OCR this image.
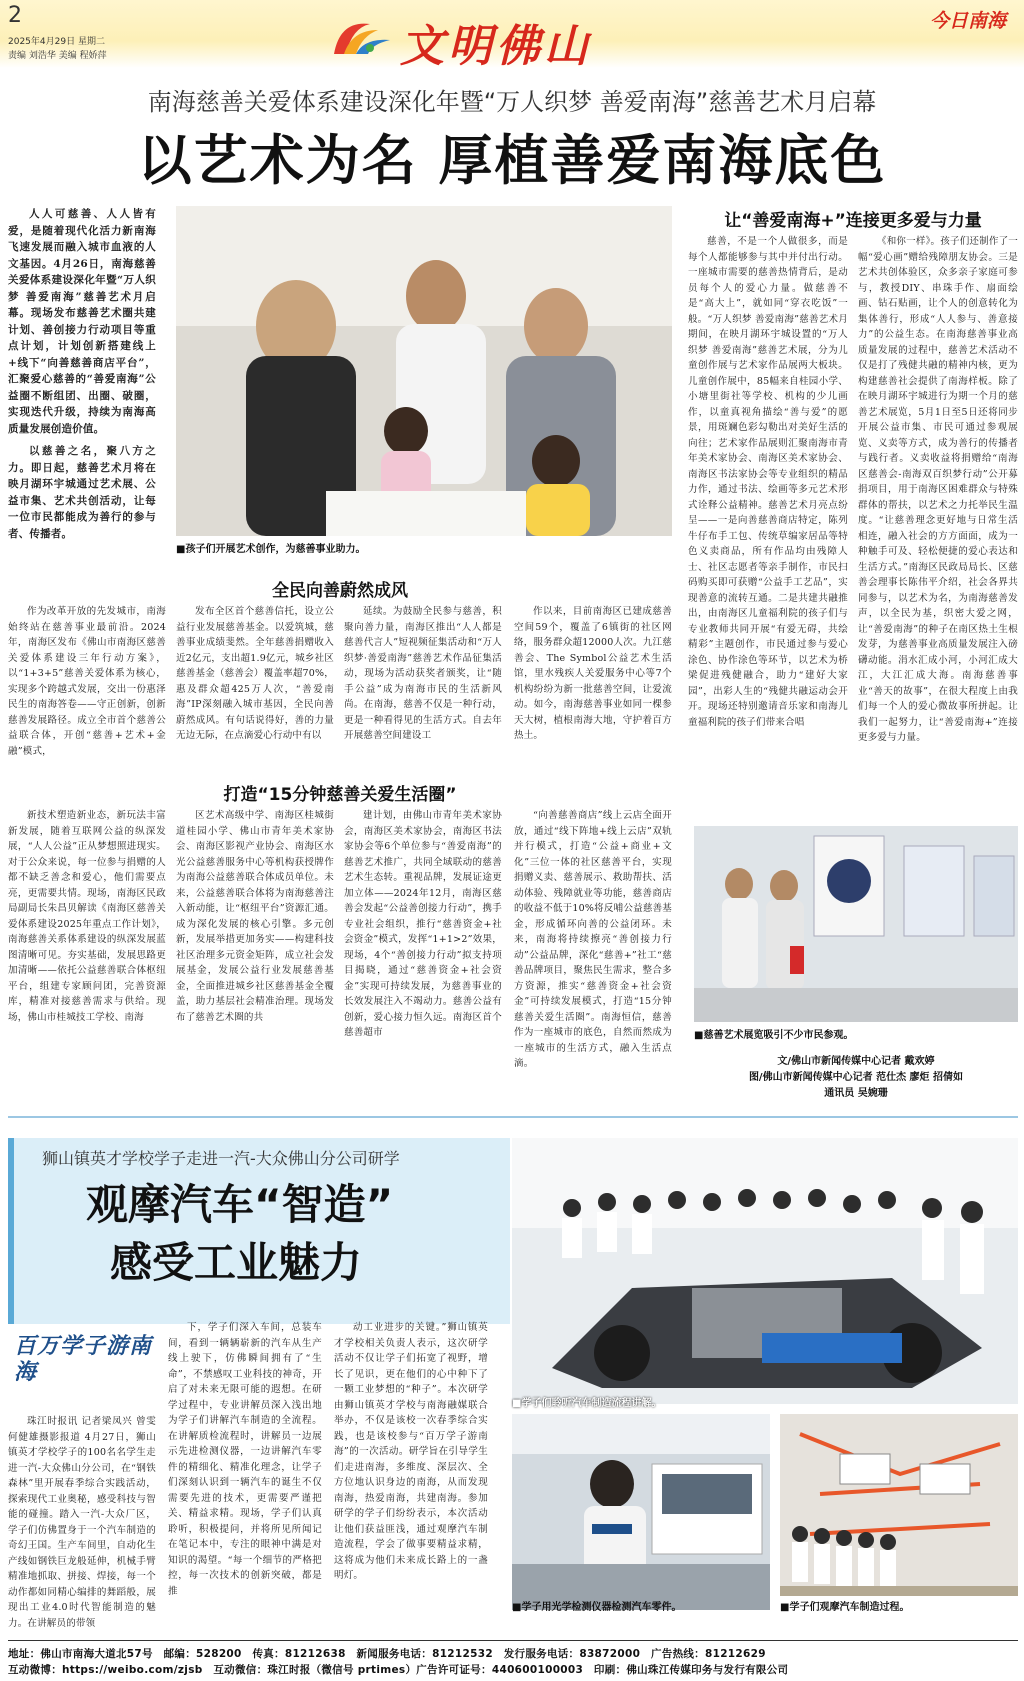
2
2025年4月29日 星期二
责编 刘浩华 美编 程娇萍	文明佛山	今日南海
南海慈善关爱体系建设深化年暨“万人织梦 善爱南海”慈善艺术月启幕
以艺术为名 厚植善爱南海底色

人人可慈善、人人皆有爱，是随着现代化活力新南海飞速发展而融入城市血液的人文基因。4月26日，南海慈善关爱体系建设深化年暨“万人织梦 善爱南海”慈善艺术月启幕。现场发布慈善艺术圈共建计划、善创接力行动项目等重点计划，计划创新搭建线上+线下“向善慈善商店平台”，汇聚爱心慈善的“善爱南海”公益圈不断组团、出圈、破圈，实现迭代升级，持续为南海高质量发展创造价值。

以慈善之名，聚八方之力。即日起，慈善艺术月将在映月湖环宇城通过艺术展、公益市集、艺术共创活动，让每一位市民都能成为善行的参与者、传播者。

■孩子们开展艺术创作，为慈善事业助力。
让“善爱南海+”连接更多爱与力量
慈善，不是一个人做很多，而是每个人都能够参与其中并付出行动。一座城市需要的慈善热情背后，是动员每个人的爱心力量。做慈善不是“高大上”，就如同“穿衣吃饭”一般。“万人织梦 善爱南海”慈善艺术月期间，在映月湖环宇城设置的“万人织梦 善爱南海”慈善艺术展，分为儿童创作展与艺术家作品展两大板块。儿童创作展中，85幅来自桂园小学、小塘里街社等学校、机构的少儿画作，以童真视角描绘“善与爱”的愿景，用斑斓色彩勾勒出对美好生活的向往；艺术家作品展则汇聚南海市青年美术家协会、南海区美术家协会、南海区书法家协会等专业组织的精品力作，通过书法、绘画等多元艺术形式诠释公益精神。慈善艺术月亮点纷呈——一是向善慈善商店特定，陈列牛仔布手工包、传统草编家居品等特色义卖商品，所有作品均由残障人士、社区志愿者等亲手制作，市民扫码购买即可获赠“公益手工艺品”，实现善意的流转互通。二是共建共融推出，由南海区儿童福利院的孩子们与专业教师共同开展“有爱无碍，共绘精彩”主题创作，市民通过参与爱心涂色、协作涂色等环节，以艺术为桥梁促进残健融合，助力“建好大家园”，出彩人生的“残健共融运动会开开。现场还特别邀请音乐家和南海儿童福利院的孩子们带来合唱
《和你一样》。孩子们还制作了一幅“爱心画”赠给残障朋友协会。三是艺术共创体验区，众多亲子家庭可参与，教授DIY、串珠手作、扇面绘画、钻石贴画，让个人的创意转化为集体善行，形成“人人参与、善意接力”的公益生态。在南海慈善事业高质量发展的过程中，慈善艺术活动不仅是打了残健共融的精神内核，更为构建慈善社会提供了南海样板。除了在映月湖环宇城进行为期一个月的慈善艺术展览，5月1日至5日还将同步开展公益市集、市民可通过参观展览、义卖等方式，成为善行的传播者与践行者。义卖收益将捐赠给“南海区慈善会-南海双百织梦行动”公开募捐项目，用于南海区困难群众与特殊群体的帮扶，以艺术之力托举民生温度。“让慈善理念更好地与日常生活相连，融入社会的方方面面，成为一种触手可及、轻松便捷的爱心表达和生活方式。”南海区民政局局长、区慈善会理事长陈伟平介绍，社会各界共同参与，以艺术为名，为南海慈善发声，以全民为基，织密大爱之网，让“善爱南海”的种子在南区热土生根发芽，为慈善事业高质量发展注入磅礴动能。涓水汇成小河，小河汇成大江，大江汇成大海。南海慈善事业“善天的故事”，在很大程度上由我们每一个人的爱心微故事所拼起。让我们一起努力，让“善爱南海+”连接更多爱与力量。
全民向善蔚然成风
作为改革开放的先发城市，南海始终站在慈善事业最前沿。2024年，南海区发布《佛山市南海区慈善关爱体系建设三年行动方案》，以“1+3+5”慈善关爱体系为核心，实现多个跨越式发展，交出一份惠泽民生的南海答卷——守正创新，创新慈善发展路径。成立全市首个慈善公益联合体，开创“慈善+艺术+金融”模式，
发布全区首个慈善信托，设立公益行业发展慈善基金。以爱筑城，慈善事业成绩斐然。全年慈善捐赠收入近2亿元，支出超1.9亿元，城乡社区慈善基金（慈善会）覆盖率超70%，惠及群众超425万人次，“善爱南海”IP深刻融入城市基因，全民向善蔚然成风。有句话说得好，善的力量无边无际，在点滴爱心行动中有以
延续。为鼓励全民参与慈善，积聚向善力量，南海区推出“人人都是慈善代言人”短视频征集活动和“万人织梦·善爱南海”慈善艺术作品征集活动，现场为活动获奖者颁奖，让“随手公益”成为南海市民的生活新风尚。在南海，慈善不仅是一种行动，更是一种看得见的生活方式。自去年开展慈善空间建设工
作以来，目前南海区已建成慈善空间59个，覆盖了6镇街的社区网络，服务群众超12000人次。九江慈善会、The Symbol公益艺术生活馆，里水残疾人关爱服务中心等7个机构纷纷为新一批慈善空间，让爱流动。如今，南海慈善事业如同一棵参天大树，植根南海大地，守护着百方热土。
打造“15分钟慈善关爱生活圈”
新技术塑造新业态，新玩法丰富新发展，随着互联网公益的纵深发展，“人人公益”正从梦想照进现实。对于公众来说，每一位参与捐赠的人都不缺乏善念和爱心，他们需要点亮，更需要共情。现场，南海区民政局副局长朱昌贝解读《南海区慈善关爱体系建设2025年重点工作计划》，南海慈善关系体系建设的纵深发展蓝图清晰可见。夯实基础，发展思路更加清晰——依托公益慈善联合体枢纽平台，组建专家顾问团，完善资源库，精准对接慈善需求与供给。现场，佛山市桂城技工学校、南海
区艺术高级中学、南海区桂城街道桂园小学、佛山市青年美术家协会、南海区影视产业协会、南海区水光公益慈善服务中心等机构获授牌作为南海公益慈善联合体成员单位。未来，公益慈善联合体将为南海慈善注入新动能，让“枢纽平台”资源汇通。成为深化发展的核心引擎。多元创新，发展举措更加务实——构建科技社区治理多元资金矩阵，成立社会发展基金，发展公益行业发展慈善基金，全面推进城乡社区慈善基金全覆盖，助力基层社会精准治理。现场发布了慈善艺术圈的共
建计划，由佛山市青年美术家协会，南海区美术家协会，南海区书法家协会等6个单位参与“善爱南海”的慈善艺术推广，共同全域联动的慈善艺术生态转。重视品牌，发展证途更加立体——2024年12月，南海区慈善会发起“公益善创接力行动”，携手专业社会组织，推行“慈善资金+社会资金”模式，发挥“1+1>2”效果，现场，4个“善创接力行动”拟支持项目揭晓，通过“慈善资金+社会资金”实现可持续发展，为慈善事业的长效发展注入不竭动力。慈善公益有创新，爱心接力恒久远。南海区首个慈善超市
“向善慈善商店”线上云店全面开放，通过“线下阵地+线上云店”双轨并行模式，打造“公益+商业+文化”三位一体的社区慈善平台，实现捐赠义卖、慈善展示、救助帮扶、活动体验、残障就业等功能，慈善商店的收益不低于10%将反哺公益慈善基金，形成循环向善的公益闭环。未来，南海将持续擦亮“善创接力行动”公益品牌，深化“慈善+”社工“慈善品牌项目，聚焦民生需求，整合多方资源，推实“慈善资金+社会资金”可持续发展模式，打造“15分钟慈善关爱生活圈”。南海恒信，慈善作为一座城市的底色，自然而然成为一座城市的生活方式，融入生活点滴。
■慈善艺术展览吸引不少市民参观。
文/佛山市新闻传媒中心记者 戴欢婷
图/佛山市新闻传媒中心记者 范仕杰 廖炬 招倩如
通讯员 吴婉珊
狮山镇英才学校学子走进一汽-大众佛山分公司研学
观摩汽车“智造”
感受工业魅力
■学子们聆听汽车制造流程讲解。
百万学子游南海
珠江时报讯 记者梁凤兴 曾雯 何健雄摄影报道 4月27日，狮山镇英才学校学子的100名名学生走进一汽-大众佛山分公司，在“钢铁森林”里开展春季综合实践活动，探索现代工业奥秘，感受科技与智能的碰撞。踏入一汽-大众厂区，学子们仿佛置身于一个汽车制造的奇幻王国。生产车间里，自动化生产线如钢铁巨龙般延伸，机械手臂精准地抓取、拼接、焊接，每一个动作都如同精心编排的舞蹈般，展现出工业4.0时代智能制造的魅力。在讲解员的带领
下，学子们深入车间，总装车间，看到一辆辆崭新的汽车从生产线上驶下，仿佛瞬间拥有了“生命”，不禁感叹工业科技的神奇，开启了对未来无限可能的遐想。在研学过程中，专业讲解员深入浅出地为学子们讲解汽车制造的全流程。在讲解质检流程时，讲解员一边展示先进检测仪器，一边讲解汽车零件的精细化、精准化理念，让学子们深刻认识到一辆汽车的诞生不仅需要先进的技术，更需要严谨把关、精益求精。现场，学子们认真聆听，积极提问，并将所见所闻记在笔记本中，专注的眼神中满是对知识的渴望。“每一个细节的严格把控，每一次技术的创新突破，都是推
动工业进步的关键。”狮山镇英才学校相关负责人表示，这次研学活动不仅让学子们拓宽了视野，增长了见识，更在他们的心中种下了一颗工业梦想的“种子”。本次研学由狮山镇英才学校与南海融媒联合举办，不仅是该校一次春季综合实践，也是该校参与“百万学子游南海”的一次活动。研学旨在引导学生们走进南海，多维度、深层次、全方位地认识身边的南海，从而发现南海，热爱南海，共建南海。参加研学的学子们纷纷表示，本次活动让他们获益匪浅，通过观摩汽车制造流程，学会了做事要精益求精，这将成为他们未来成长路上的一盏明灯。
■学子用光学检测仪器检测汽车零件。	■学子们观摩汽车制造过程。
地址：佛山市南海大道北57号　邮编：528200　传真：81212638　新闻服务电话：81212532　发行服务电话：83872000　广告热线：81212629
互动微博：https://weibo.com/zjsb　互动微信：珠江时报（微信号 prtimes）广告许可证号：440600100003　印刷：佛山珠江传媒印务与发行有限公司
